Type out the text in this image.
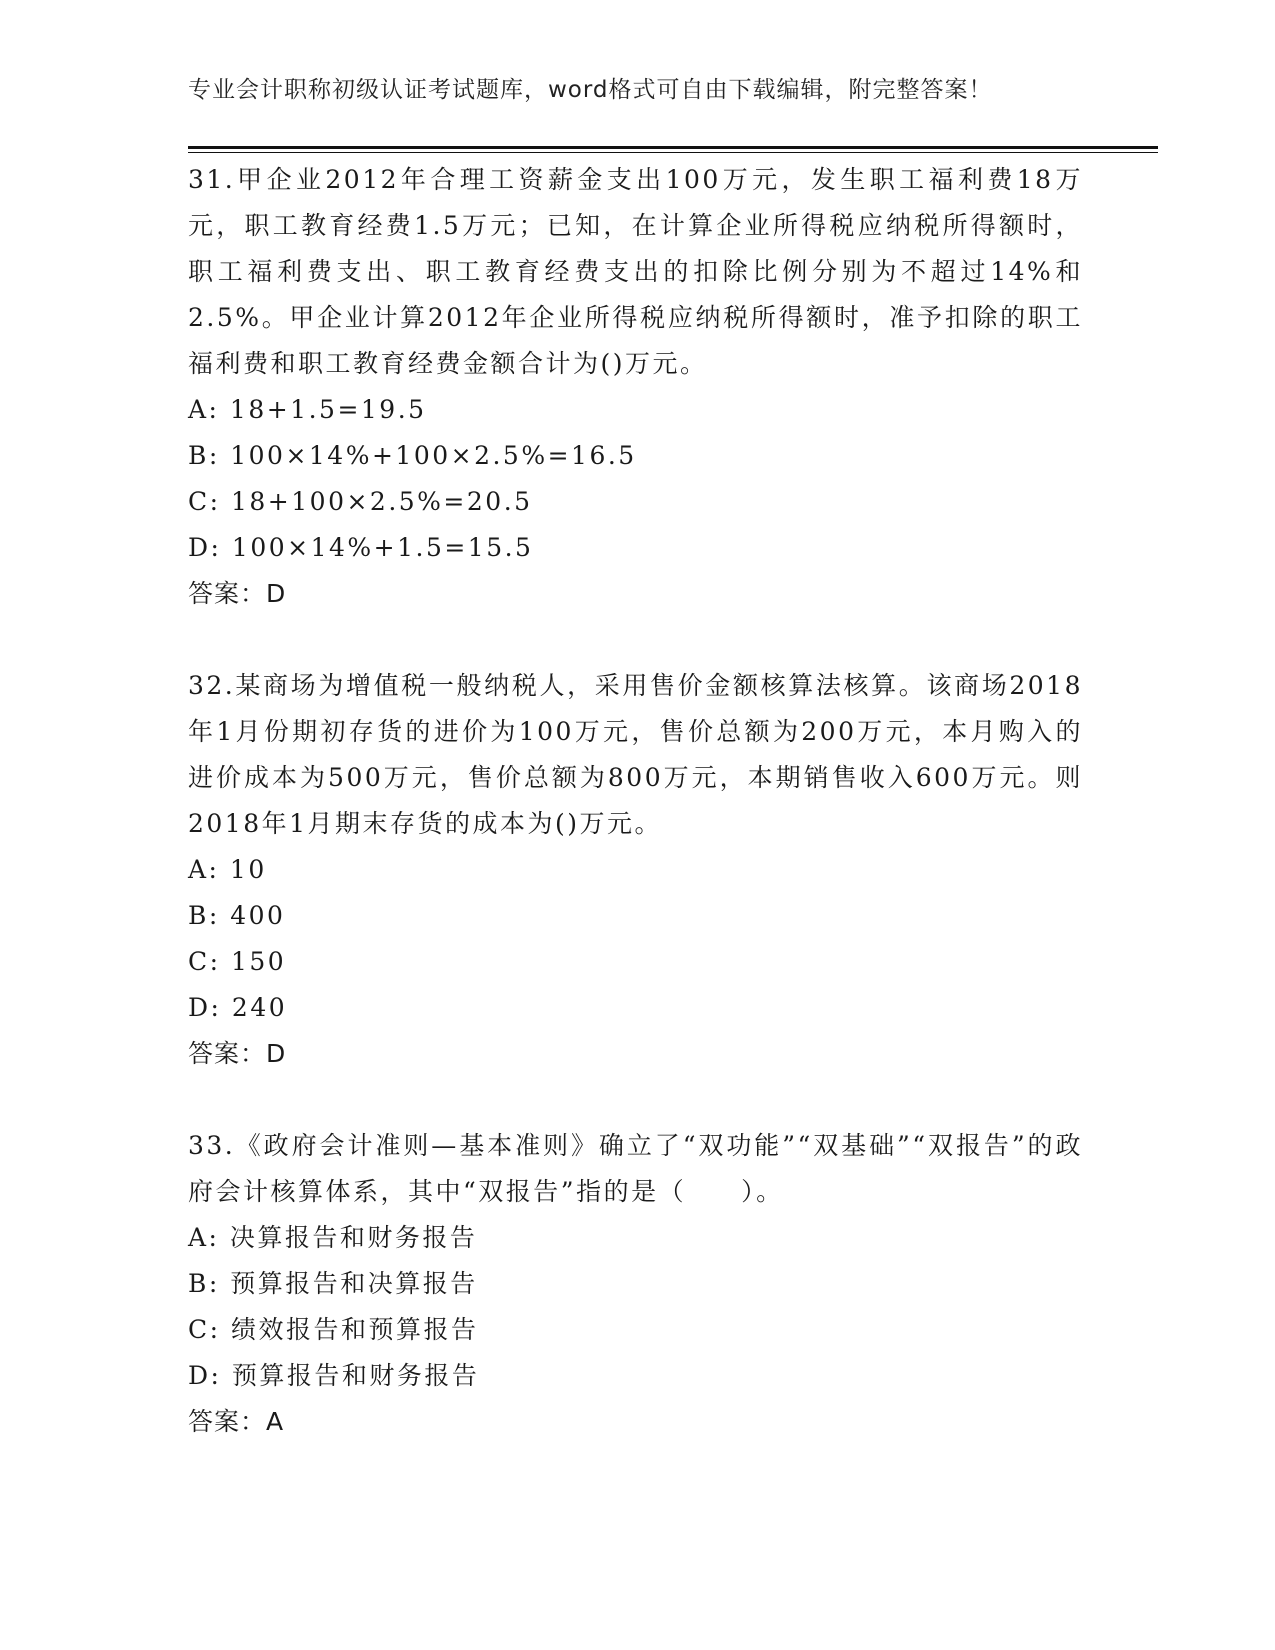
专业会计职称初级认证考试题库，word格式可自由下载编辑，附完整答案！

31.甲企业2012年合理工资薪金支出100万元，发生职工福利费18万元，职工教育经费1.5万元；已知，在计算企业所得税应纳税所得额时，职工福利费支出、职工教育经费支出的扣除比例分别为不超过14%和2.5%。甲企业计算2012年企业所得税应纳税所得额时，准予扣除的职工福利费和职工教育经费金额合计为()万元。

A: 18+1.5=19.5

B: 100×14%+100×2.5%=16.5

C: 18+100×2.5%=20.5

D: 100×14%+1.5=15.5

答案：D

32.某商场为增值税一般纳税人，采用售价金额核算法核算。该商场2018年1月份期初存货的进价为100万元，售价总额为200万元，本月购入的进价成本为500万元，售价总额为800万元，本期销售收入600万元。则2018年1月期末存货的成本为()万元。

A: 10

B: 400

C: 150

D: 240

答案：D

33.《政府会计准则—基本准则》确立了“双功能”“双基础”“双报告”的政府会计核算体系，其中“双报告”指的是（　　）。

A: 决算报告和财务报告

B: 预算报告和决算报告

C: 绩效报告和预算报告

D: 预算报告和财务报告

答案：A
